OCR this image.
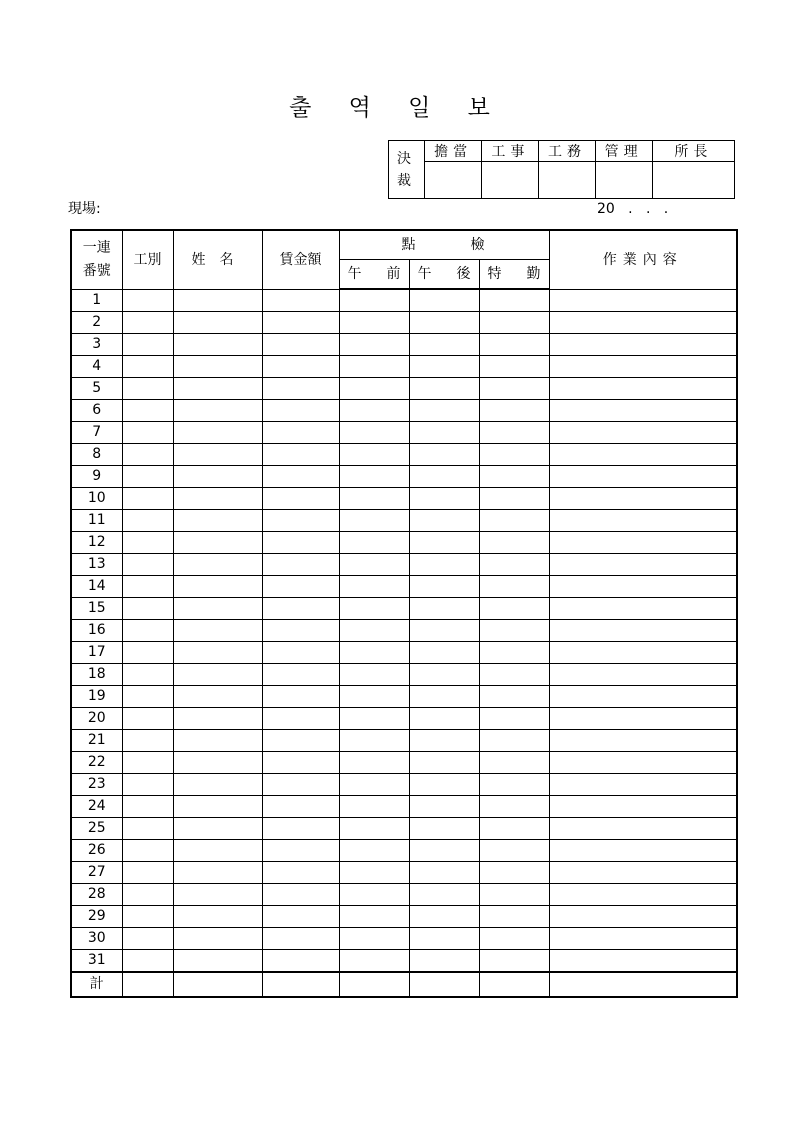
출 역 일 보
決
裁	擔當	工事	工務	管理	所長

現場:	20   .   .   .
一連
番號	工別	姓 名	賃金額	點 檢			作業內容

				午 前	午 後	特 勤	

1							
2							
3							
4							
5							
6							
7							
8							
9							
10							
11							
12							
13							
14							
15							
16							
17							
18							
19							
20							
21							
22							
23							
24							
25							
26							
27							
28							
29							
30							
31							
計							
